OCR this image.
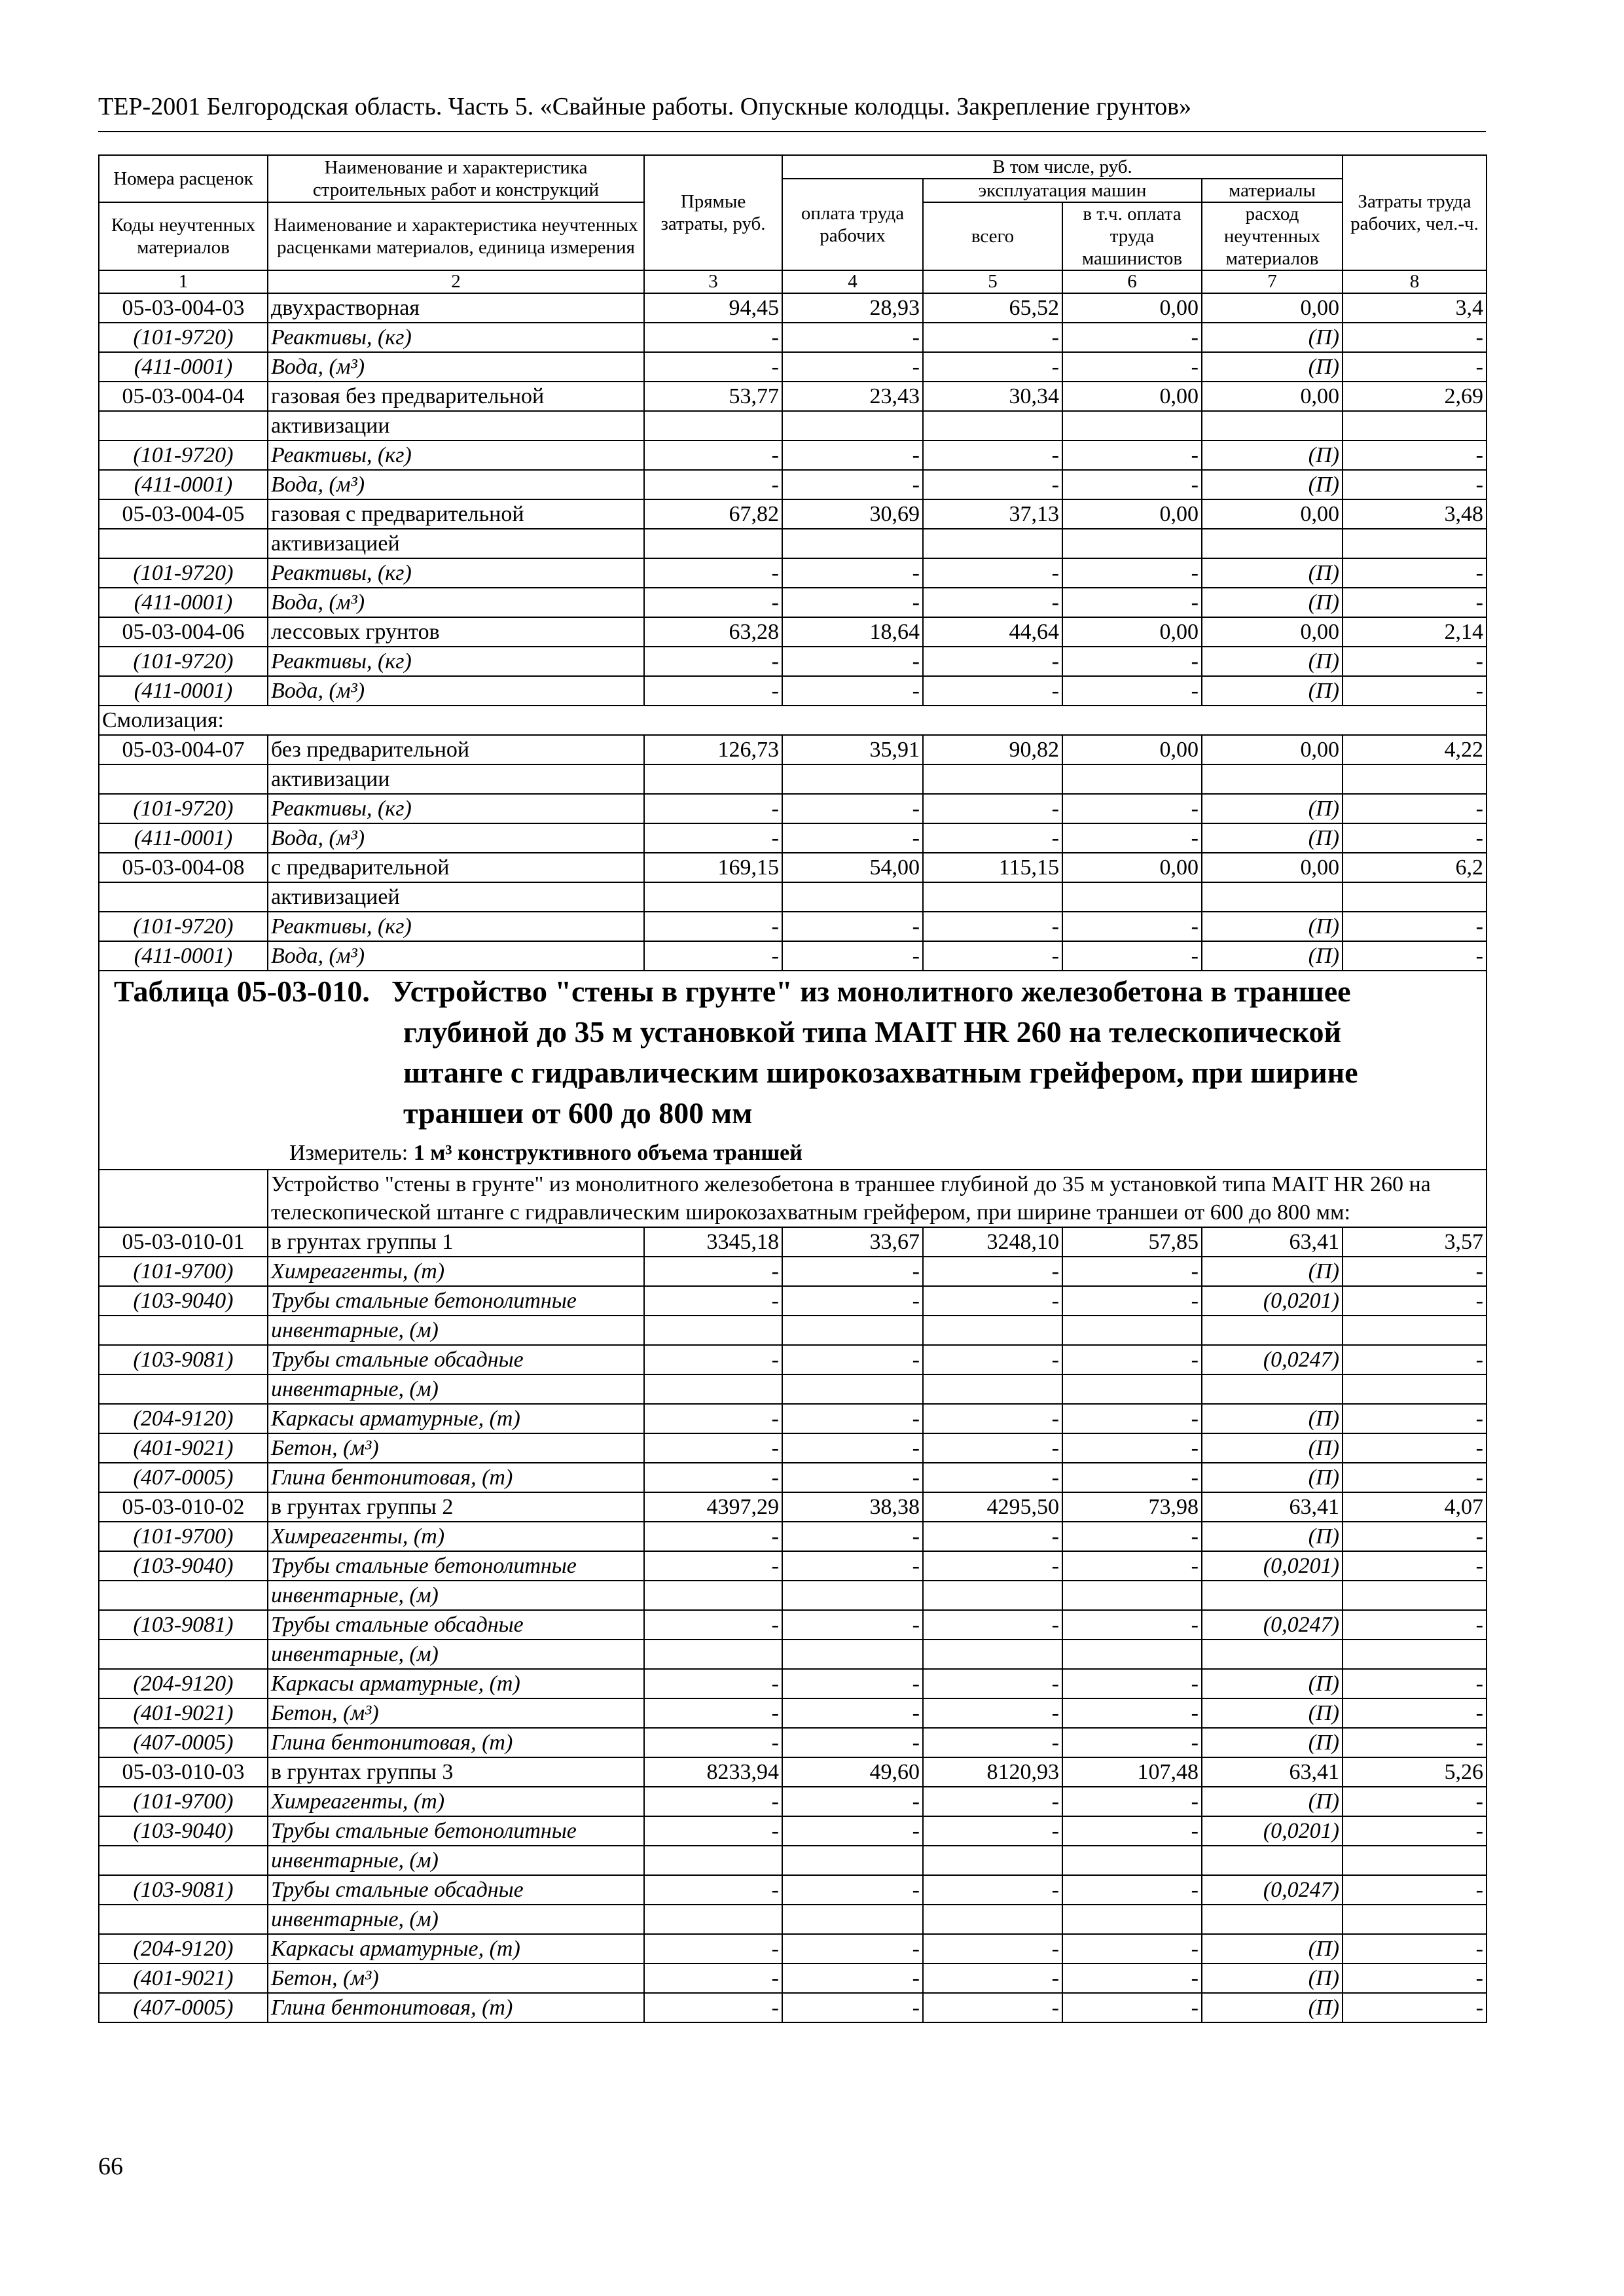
ТЕР-2001 Белгородская область. Часть 5. «Свайные работы. Опускные колодцы. Закрепление грунтов»
Номера расценок	Наименование и характеристика строительных работ и конструкций	Прямые затраты, руб.	В том числе, руб.				Затраты труда рабочих, чел.-ч.
			оплата труда рабочих	эксплуатация машин		материалы	
Коды неучтенных материалов	Наименование и характеристика неучтенных расценками материалов, единица измерения			всего	в т.ч. оплата труда машинистов	расход неучтенных материалов	

1	2	3	4	5	6	7	8
05-03-004-03	двухрастворная	94,45	28,93	65,52	0,00	0,00	3,4
(101-9720)	Реактивы, (кг)	-	-	-	-	(П)	-
(411-0001)	Вода, (м³)	-	-	-	-	(П)	-
05-03-004-04	газовая без предварительной	53,77	23,43	30,34	0,00	0,00	2,69
	активизации						
(101-9720)	Реактивы, (кг)	-	-	-	-	(П)	-
(411-0001)	Вода, (м³)	-	-	-	-	(П)	-
05-03-004-05	газовая с предварительной	67,82	30,69	37,13	0,00	0,00	3,48
	активизацией						
(101-9720)	Реактивы, (кг)	-	-	-	-	(П)	-
(411-0001)	Вода, (м³)	-	-	-	-	(П)	-
05-03-004-06	лессовых грунтов	63,28	18,64	44,64	0,00	0,00	2,14
(101-9720)	Реактивы, (кг)	-	-	-	-	(П)	-
(411-0001)	Вода, (м³)	-	-	-	-	(П)	-
Смолизация:							
05-03-004-07	без предварительной	126,73	35,91	90,82	0,00	0,00	4,22
	активизации						
(101-9720)	Реактивы, (кг)	-	-	-	-	(П)	-
(411-0001)	Вода, (м³)	-	-	-	-	(П)	-
05-03-004-08	с предварительной	169,15	54,00	115,15	0,00	0,00	6,2
	активизацией						
(101-9720)	Реактивы, (кг)	-	-	-	-	(П)	-
(411-0001)	Вода, (м³)	-	-	-	-	(П)	-

Таблица 05-03-010. Устройство "стены в грунте" из монолитного железобетона в траншее
глубиной до 35 м установкой типа MAIT HR 260 на телескопической
штанге с гидравлическим широкозахватным грейфером, при ширине
траншеи от 600 до 800 мм
Измеритель: 1 м³ конструктивного объема траншей							

	Устройство "стены в грунте" из монолитного железобетона в траншее глубиной до 35 м установкой типа MAIT HR 260 на телескопической штанге с гидравлическим широкозахватным грейфером, при ширине траншеи от 600 до 800 мм:						
05-03-010-01	в грунтах группы 1	3345,18	33,67	3248,10	57,85	63,41	3,57
(101-9700)	Химреагенты, (т)	-	-	-	-	(П)	-
(103-9040)	Трубы стальные бетонолитные	-	-	-	-	(0,0201)	-
	инвентарные, (м)						
(103-9081)	Трубы стальные обсадные	-	-	-	-	(0,0247)	-
	инвентарные, (м)						
(204-9120)	Каркасы арматурные, (т)	-	-	-	-	(П)	-
(401-9021)	Бетон, (м³)	-	-	-	-	(П)	-
(407-0005)	Глина бентонитовая, (т)	-	-	-	-	(П)	-
05-03-010-02	в грунтах группы 2	4397,29	38,38	4295,50	73,98	63,41	4,07
(101-9700)	Химреагенты, (т)	-	-	-	-	(П)	-
(103-9040)	Трубы стальные бетонолитные	-	-	-	-	(0,0201)	-
	инвентарные, (м)						
(103-9081)	Трубы стальные обсадные	-	-	-	-	(0,0247)	-
	инвентарные, (м)						
(204-9120)	Каркасы арматурные, (т)	-	-	-	-	(П)	-
(401-9021)	Бетон, (м³)	-	-	-	-	(П)	-
(407-0005)	Глина бентонитовая, (т)	-	-	-	-	(П)	-
05-03-010-03	в грунтах группы 3	8233,94	49,60	8120,93	107,48	63,41	5,26
(101-9700)	Химреагенты, (т)	-	-	-	-	(П)	-
(103-9040)	Трубы стальные бетонолитные	-	-	-	-	(0,0201)	-
	инвентарные, (м)						
(103-9081)	Трубы стальные обсадные	-	-	-	-	(0,0247)	-
	инвентарные, (м)						
(204-9120)	Каркасы арматурные, (т)	-	-	-	-	(П)	-
(401-9021)	Бетон, (м³)	-	-	-	-	(П)	-
(407-0005)	Глина бентонитовая, (т)	-	-	-	-	(П)	-
66
